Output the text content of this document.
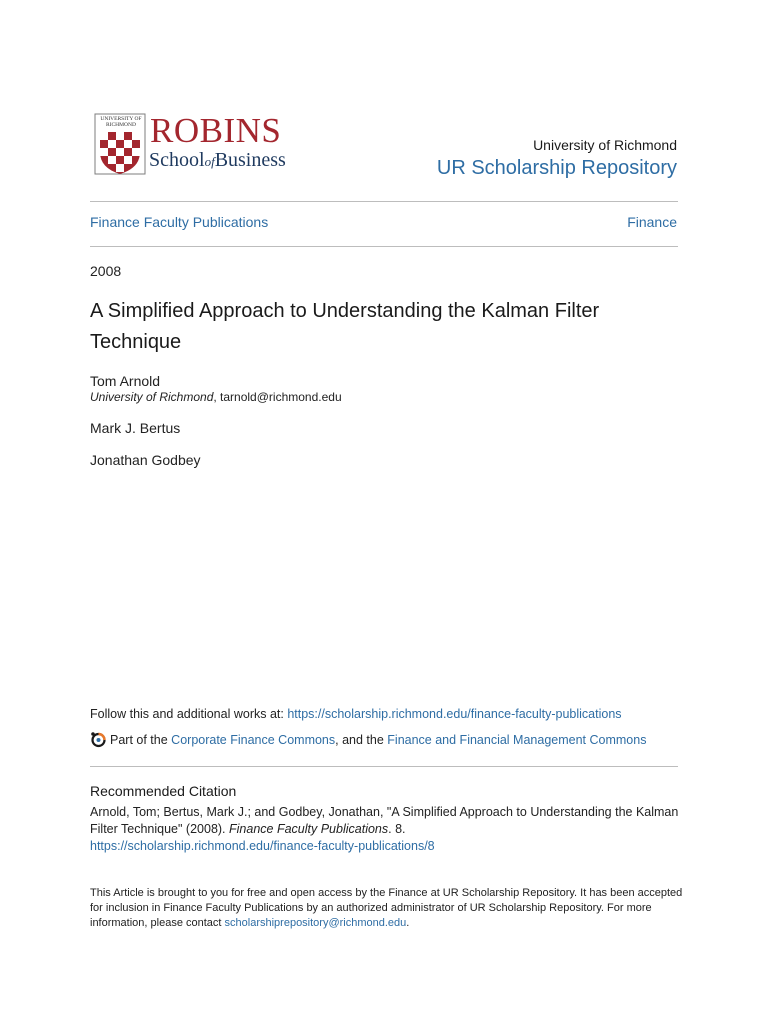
UNIVERSITY OF RICHMOND ROBINS
SchoolofBusiness
University of Richmond
UR Scholarship Repository
Finance Faculty Publications	Finance
2008
A Simplified Approach to Understanding the Kalman Filter Technique
Tom Arnold
University of Richmond, tarnold@richmond.edu
Mark J. Bertus
Jonathan Godbey
Follow this and additional works at: https://scholarship.richmond.edu/finance-faculty-publications
Part of the
Corporate Finance Commons , and the
Finance and Financial Management Commons
Recommended Citation
Arnold, Tom; Bertus, Mark J.; and Godbey, Jonathan, "A Simplified Approach to Understanding the Kalman Filter Technique" (2008). Finance Faculty Publications. 8.
https://scholarship.richmond.edu/finance-faculty-publications/8
This Article is brought to you for free and open access by the Finance at UR Scholarship Repository. It has been accepted for inclusion in Finance Faculty Publications by an authorized administrator of UR Scholarship Repository. For more information, please contact scholarshiprepository@richmond.edu.
